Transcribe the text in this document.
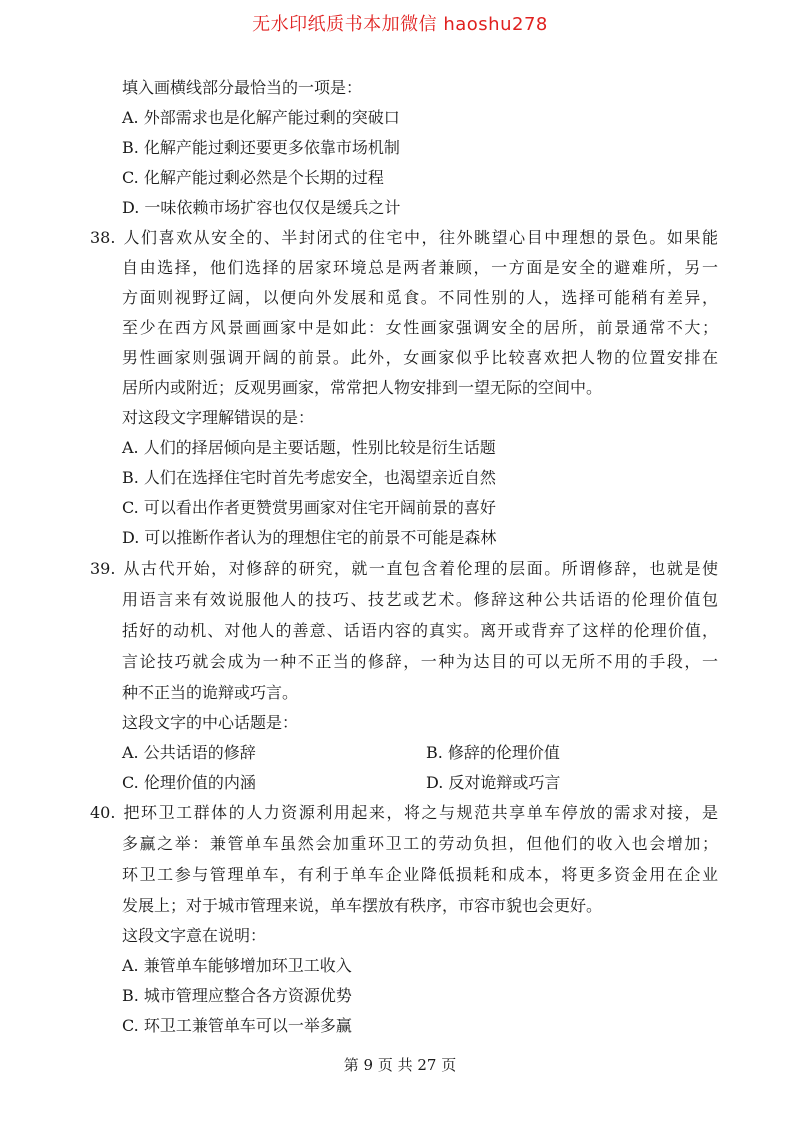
无水印纸质书本加微信 haoshu278
填入画横线部分最恰当的一项是：
A. 外部需求也是化解产能过剩的突破口
B. 化解产能过剩还要更多依靠市场机制
C. 化解产能过剩必然是个长期的过程
D. 一味依赖市场扩容也仅仅是缓兵之计
38. 人们喜欢从安全的、半封闭式的住宅中，往外眺望心目中理想的景色。如果能
自由选择，他们选择的居家环境总是两者兼顾，一方面是安全的避难所，另一
方面则视野辽阔，以便向外发展和觅食。不同性别的人，选择可能稍有差异，
至少在西方风景画画家中是如此：女性画家强调安全的居所，前景通常不大；
男性画家则强调开阔的前景。此外，女画家似乎比较喜欢把人物的位置安排在
居所内或附近；反观男画家，常常把人物安排到一望无际的空间中。
对这段文字理解错误的是：
A. 人们的择居倾向是主要话题，性别比较是衍生话题
B. 人们在选择住宅时首先考虑安全，也渴望亲近自然
C. 可以看出作者更赞赏男画家对住宅开阔前景的喜好
D. 可以推断作者认为的理想住宅的前景不可能是森林
39. 从古代开始，对修辞的研究，就一直包含着伦理的层面。所谓修辞，也就是使
用语言来有效说服他人的技巧、技艺或艺术。修辞这种公共话语的伦理价值包
括好的动机、对他人的善意、话语内容的真实。离开或背弃了这样的伦理价值，
言论技巧就会成为一种不正当的修辞，一种为达目的可以无所不用的手段，一
种不正当的诡辩或巧言。
这段文字的中心话题是：
A. 公共话语的修辞	B. 修辞的伦理价值
C. 伦理价值的内涵	D. 反对诡辩或巧言
40. 把环卫工群体的人力资源利用起来，将之与规范共享单车停放的需求对接，是
多赢之举：兼管单车虽然会加重环卫工的劳动负担，但他们的收入也会增加；
环卫工参与管理单车，有利于单车企业降低损耗和成本，将更多资金用在企业
发展上；对于城市管理来说，单车摆放有秩序，市容市貌也会更好。
这段文字意在说明：
A. 兼管单车能够增加环卫工收入
B. 城市管理应整合各方资源优势
C. 环卫工兼管单车可以一举多赢
第 9 页 共 27 页
